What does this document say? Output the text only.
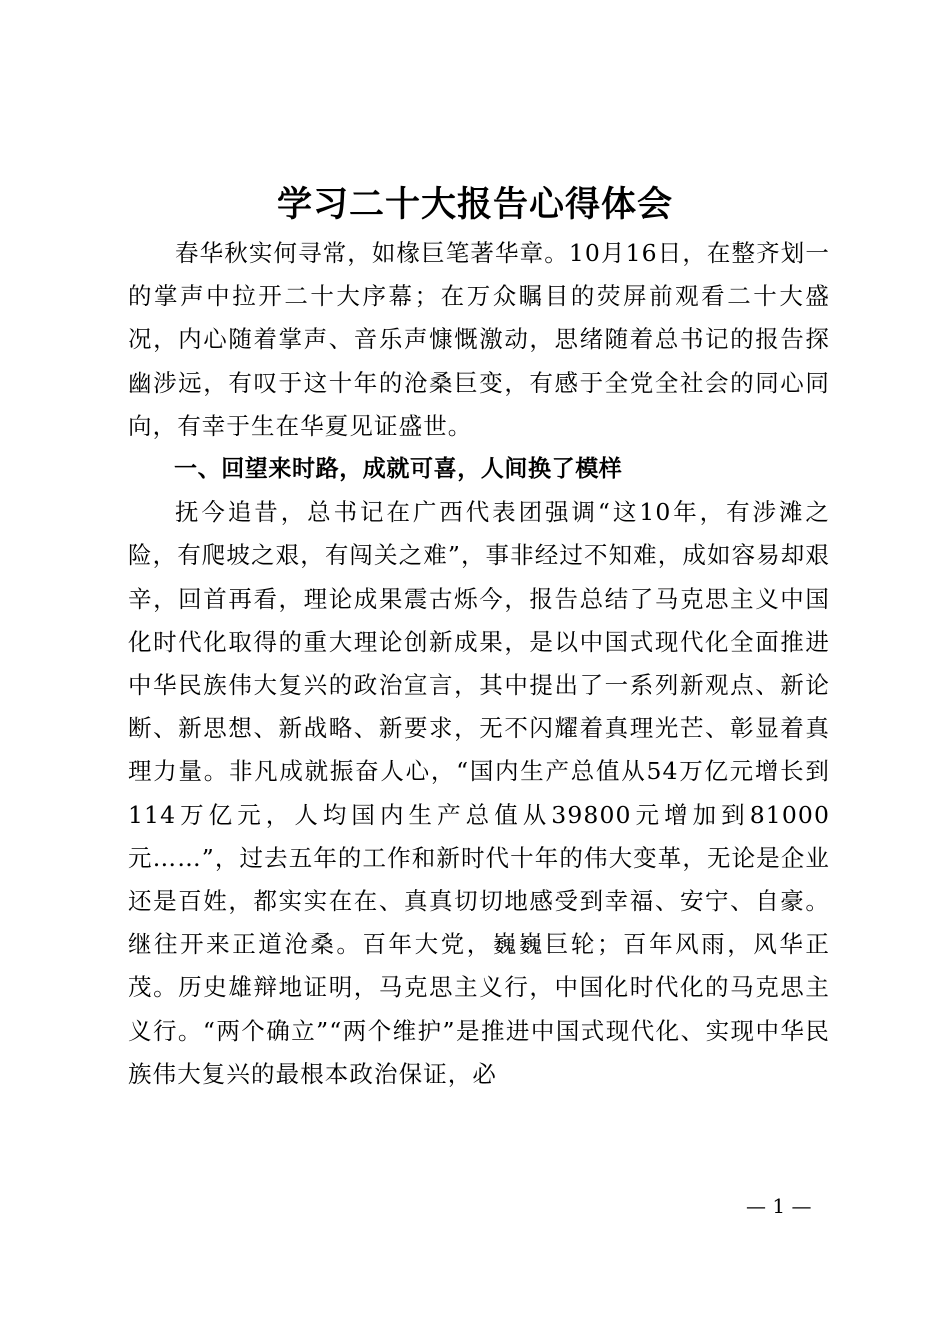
学习二十大报告心得体会

春华秋实何寻常，如椽巨笔著华章。10月16日，在整齐划一的掌声中拉开二十大序幕；在万众瞩目的荧屏前观看二十大盛况，内心随着掌声、音乐声慷慨激动，思绪随着总书记的报告探幽涉远，有叹于这十年的沧桑巨变，有感于全党全社会的同心同向，有幸于生在华夏见证盛世。

一、回望来时路，成就可喜，人间换了模样

抚今追昔，总书记在广西代表团强调“这10年，有涉滩之险，有爬坡之艰，有闯关之难”，事非经过不知难，成如容易却艰辛，回首再看，理论成果震古烁今，报告总结了马克思主义中国化时代化取得的重大理论创新成果，是以中国式现代化全面推进中华民族伟大复兴的政治宣言，其中提出了一系列新观点、新论断、新思想、新战略、新要求，无不闪耀着真理光芒、彰显着真理力量。非凡成就振奋人心，“国内生产总值从54万亿元增长到114万亿元，人均国内生产总值从39800元增加到81000元……”，过去五年的工作和新时代十年的伟大变革，无论是企业还是百姓，都实实在在、真真切切地感受到幸福、安宁、自豪。继往开来正道沧桑。百年大党，巍巍巨轮；百年风雨，风华正茂。历史雄辩地证明，马克思主义行，中国化时代化的马克思主义行。“两个确立”“两个维护”是推进中国式现代化、实现中华民族伟大复兴的最根本政治保证，必

— 1 —
